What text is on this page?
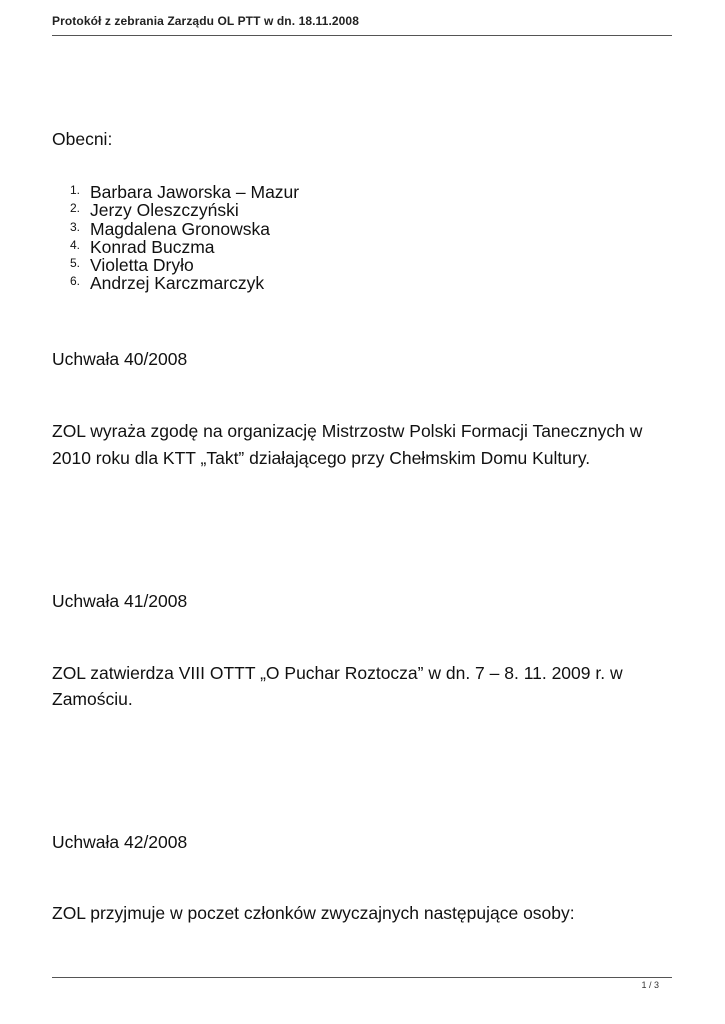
Protokół z zebrania Zarządu OL PTT w dn. 18.11.2008
Obecni:
1. Barbara Jaworska – Mazur
2. Jerzy Oleszczyński
3. Magdalena Gronowska
4. Konrad Buczma
5. Violetta Dryło
6. Andrzej Karczmarczyk
Uchwała 40/2008
ZOL wyraża zgodę na organizację Mistrzostw Polski Formacji Tanecznych w
2010 roku dla KTT „Takt” działającego przy Chełmskim Domu Kultury.
Uchwała 41/2008
ZOL zatwierdza VIII OTTT „O Puchar Roztocza” w dn. 7 – 8. 11. 2009 r. w
Zamościu.
Uchwała 42/2008
ZOL przyjmuje w poczet członków zwyczajnych następujące osoby:
1 / 3
